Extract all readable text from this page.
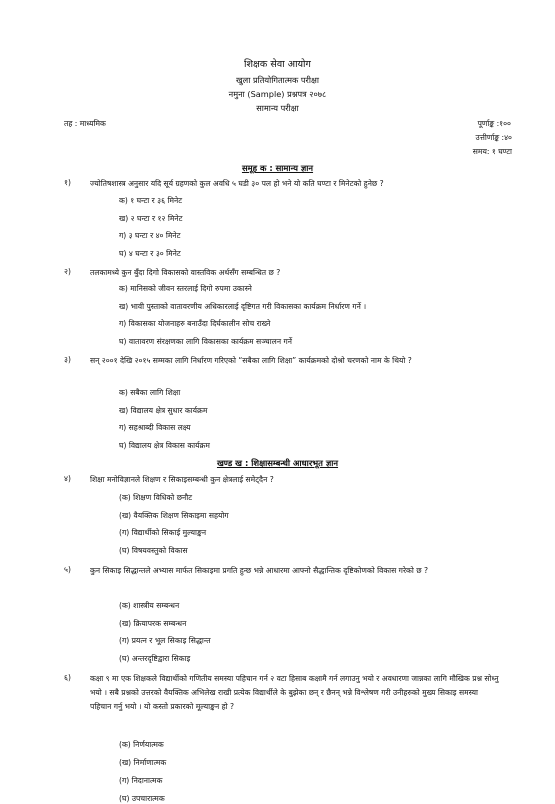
शिक्षक सेवा आयोग
खुला प्रतियोगितात्मक परीक्षा
नमुना (Sample) प्रश्नपत्र २०७८
सामान्य परीक्षा
तह : माध्यमिक	पूर्णाङ्क :१००
उत्तीर्णाङ्क :४०
समय: १ घण्टा
समूह क : सामान्य ज्ञान
१)	ज्योतिषशास्त्र अनुसार यदि सूर्य ग्रहणको कुल अवधि ५ घडी ३० पल हो भने यो कति घण्टा र मिनेटको हुनेछ ?
क) १ घन्टा र ३६ मिनेट
ख) २ घन्टा र १२ मिनेट
ग) ३ घन्टा र ४० मिनेट
घ) ४ घन्टा र ३० मिनेट
२)	तलकामध्ये कुन बुँदा दिगो विकासको वास्तविक अर्थसँग सम्बन्धित छ ?
क) मानिसको जीवन स्तरलाई दिगो रुपमा उकास्ने
ख) भावी पुस्ताको वातावरणीय अधिकारलाई दृष्टिगत गरी विकासका कार्यक्रम निर्धारण गर्ने ।
ग) विकासका योजनाहरु बनाउँदा दिर्घकालीन सोच राख्ने
घ) वातावरण संरक्षणका लागि विकासका कार्यक्रम सञ्चालन गर्ने
३)	सन् २००१ देखि २०१५ सम्मका लागि निर्धारण गरिएको “सबैका लागि शिक्षा” कार्यक्रमको दोश्रो चरणको नाम के थियो ?
क) सबैका लागि शिक्षा
ख) विद्यालय क्षेत्र सुधार कार्यक्रम
ग) सहश्राब्दी विकास लक्ष्य
घ) विद्यालय क्षेत्र विकास कार्यक्रम
खण्ड ख : शिक्षासम्बन्धी आधारभूत ज्ञान
४)	शिक्षा मनोविज्ञानले शिक्षण र सिकाइसम्बन्धी कुन क्षेत्रलाई समेट्दैन ?
(क) शिक्षण विधिको छनौट
(ख) वैयक्तिक शिक्षण सिकाइमा सहयोग
(ग) विद्यार्थीको सिकाई मुल्याङ्कन
(घ) विषयवस्तुको विकास
५)	कुन सिकाइ सिद्धान्तले अभ्यास मार्फत सिकाइमा प्रगति हुन्छ भन्ने आधारमा आफ्नो सैद्धान्तिक दृष्टिकोणको विकास गरेको छ ?
(क) शास्त्रीय सम्बन्धन
(ख) क्रियापरक सम्बन्धन
(ग) प्रयत्न र भूल सिकाइ सिद्धान्त
(घ) अन्तरदृष्टिद्वारा सिकाइ
६)	कक्षा ९ मा एक शिक्षकले विद्यार्थीको गणितीय समस्या पहिचान गर्न २ वटा हिसाब कक्षामै गर्न लगाउनु भयो र अवधारणा जान्नका लागि मौखिक प्रश्न सोध्नु भयो । सबै प्रश्नको उत्तरको वैयक्तिक अभिलेख राखी प्रत्येक विद्यार्थीले के बुझेका छन् र छैनन् भन्ने विश्लेषण गरी उनीहरुको मुख्य सिकाइ समस्या पहिचान गर्नु भयो । यो कस्तो प्रकारको मूल्याङ्कन हो ?
(क) निर्णयात्मक
(ख) निर्माणात्मक
(ग) निदानात्मक
(घ) उपचारात्मक
